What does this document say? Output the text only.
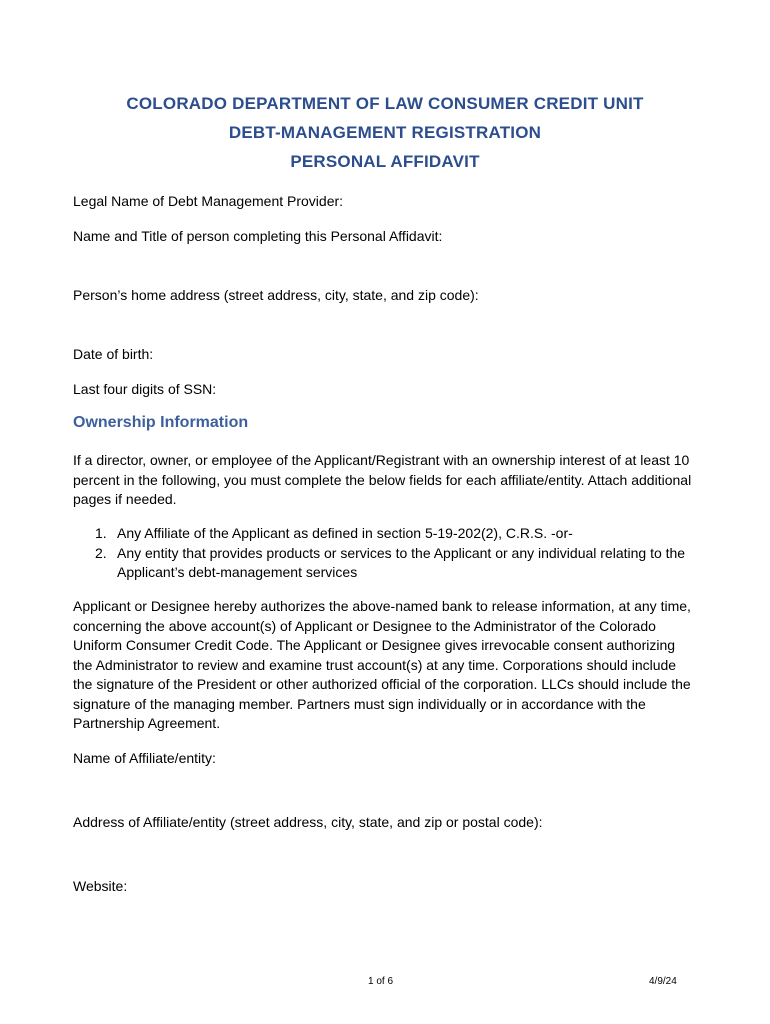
COLORADO DEPARTMENT OF LAW CONSUMER CREDIT UNIT
DEBT-MANAGEMENT REGISTRATION
PERSONAL AFFIDAVIT
Legal Name of Debt Management Provider:
Name and Title of person completing this Personal Affidavit:
Person’s home address (street address, city, state, and zip code):
Date of birth:
Last four digits of SSN:
Ownership Information
If a director, owner, or employee of the Applicant/Registrant with an ownership interest of at least 10 percent in the following, you must complete the below fields for each affiliate/entity. Attach additional pages if needed.
1. Any Affiliate of the Applicant as defined in section 5-19-202(2), C.R.S. -or-
2. Any entity that provides products or services to the Applicant or any individual relating to the Applicant’s debt-management services
Applicant or Designee hereby authorizes the above-named bank to release information, at any time, concerning the above account(s) of Applicant or Designee to the Administrator of the Colorado Uniform Consumer Credit Code. The Applicant or Designee gives irrevocable consent authorizing the Administrator to review and examine trust account(s) at any time. Corporations should include the signature of the President or other authorized official of the corporation. LLCs should include the signature of the managing member. Partners must sign individually or in accordance with the Partnership Agreement.
Name of Affiliate/entity:
Address of Affiliate/entity (street address, city, state, and zip or postal code):
Website:
1 of 6	4/9/24
